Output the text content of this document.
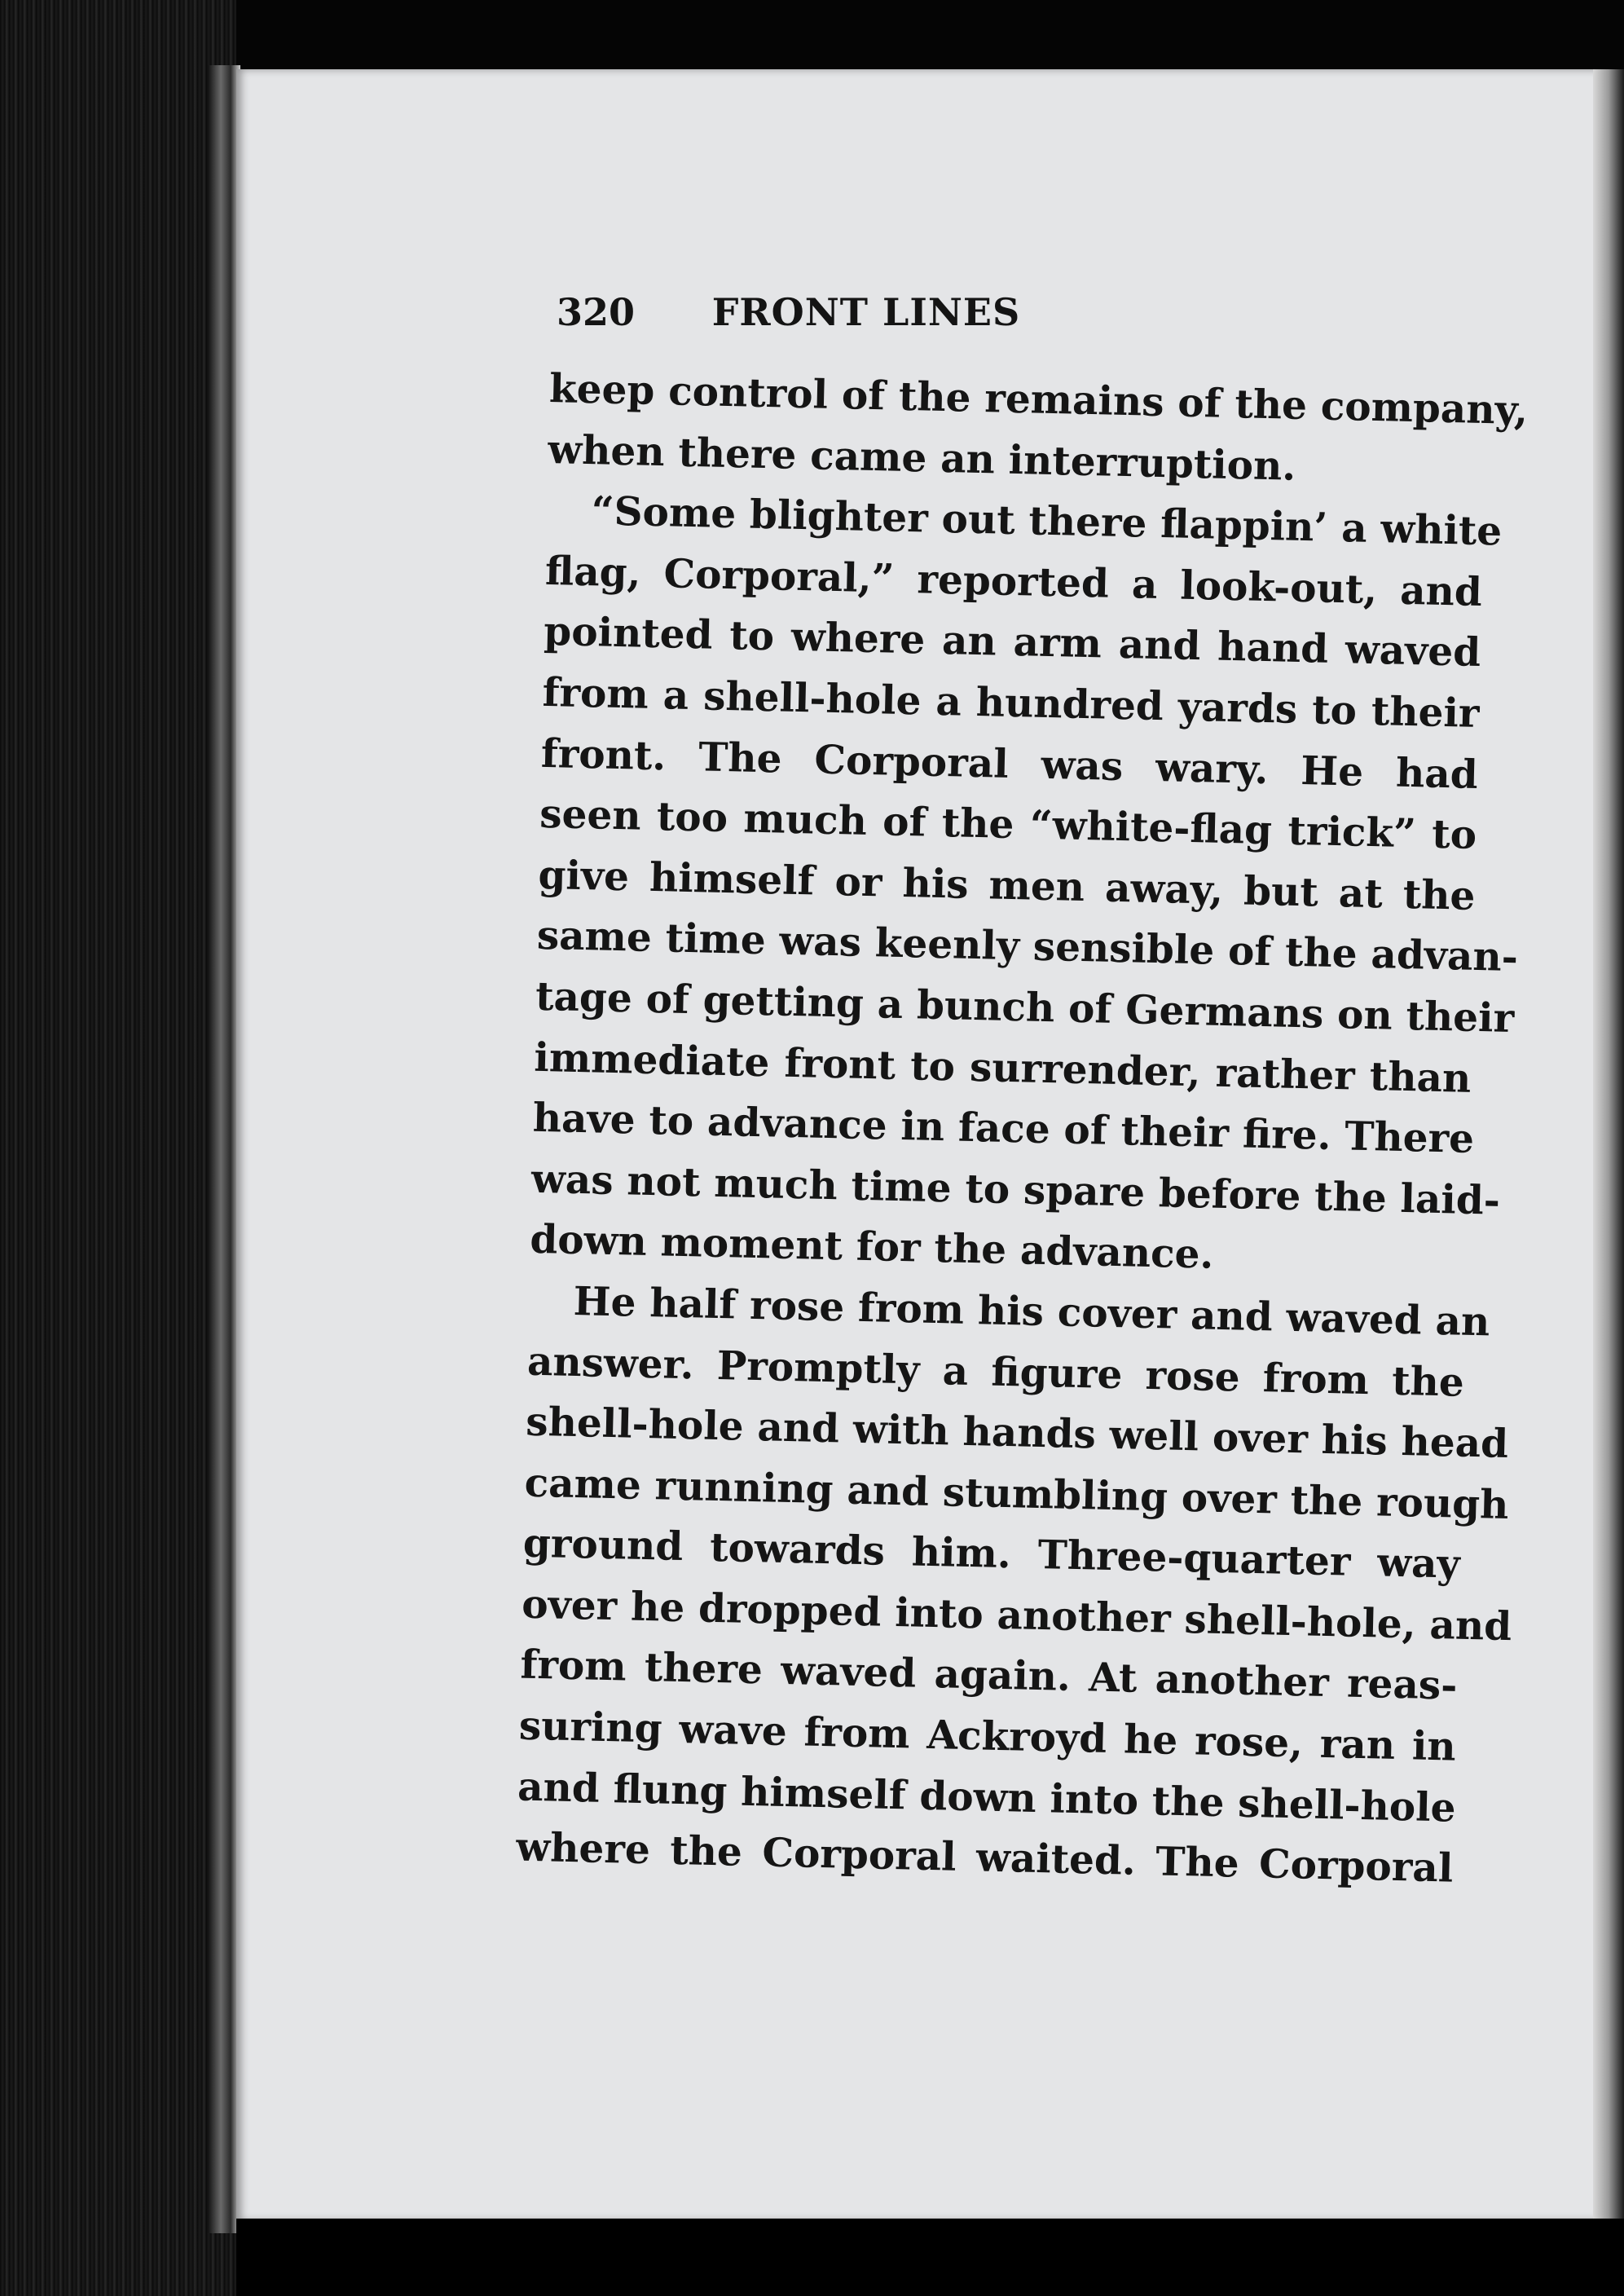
320	FRONT LINES
keep control of the remains of the company,
when there came an interruption.
“Some blighter out there flappin’ a white
flag, Corporal,” reported a look-out, and
pointed to where an arm and hand waved
from a shell-hole a hundred yards to their
front. The Corporal was wary. He had
seen too much of the “white-flag trick” to
give himself or his men away, but at the
same time was keenly sensible of the advan-
tage of getting a bunch of Germans on their
immediate front to surrender, rather than
have to advance in face of their fire. There
was not much time to spare before the laid-
down moment for the advance.
He half rose from his cover and waved an
answer. Promptly a figure rose from the
shell-hole and with hands well over his head
came running and stumbling over the rough
ground towards him. Three-quarter way
over he dropped into another shell-hole, and
from there waved again. At another reas-
suring wave from Ackroyd he rose, ran in
and flung himself down into the shell-hole
where the Corporal waited. The Corporal
